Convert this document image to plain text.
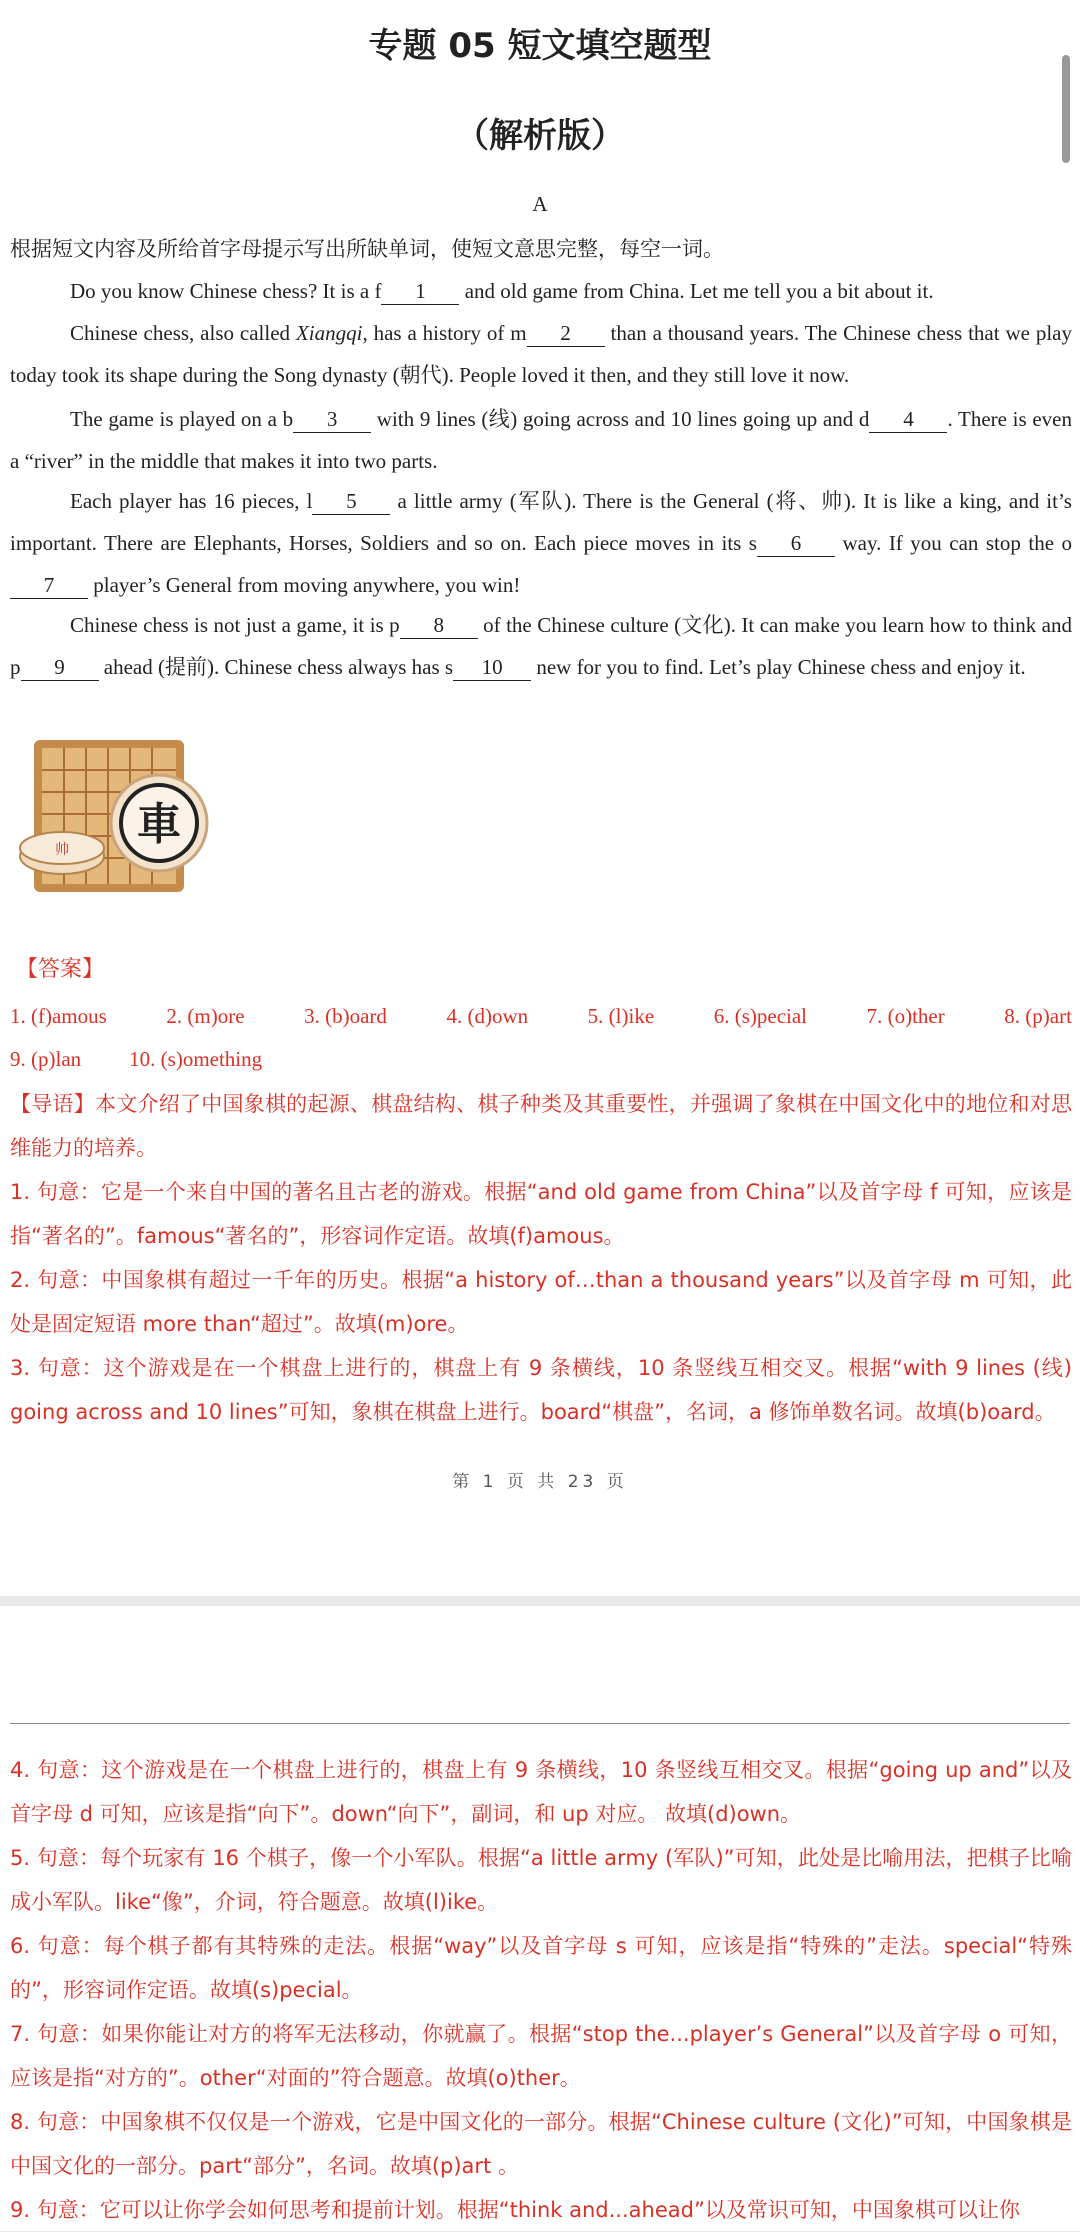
专题 05 短文填空题型
（解析版）
A
根据短文内容及所给首字母提示写出所缺单词，使短文意思完整，每空一词。
Do you know Chinese chess? It is a f 1 and old game from China. Let me tell you a bit about it.
Chinese chess, also called Xiangqi, has a history of m 2 than a thousand years. The Chinese chess that we play today took its shape during the Song dynasty (朝代). People loved it then, and they still love it now.
The game is played on a b 3 with 9 lines (线) going across and 10 lines going up and d 4 . There is even a “river” in the middle that makes it into two parts.
Each player has 16 pieces, l 5 a little army (军队). There is the General (将、帅). It is like a king, and it’s important. There are Elephants, Horses, Soldiers and so on. Each piece moves in its s 6 way. If you can stop the o7 player’s General from moving anywhere, you win!
Chinese chess is not just a game, it is p 8 of the Chinese culture (文化). It can make you learn how to think and p 9 ahead (提前). Chinese chess always has s 10 new for you to find. Let’s play Chinese chess and enjoy it.
帅 車
【答案】
1. (f)amous	2. (m)ore	3. (b)oard	4. (d)own	5. (l)ike	6. (s)pecial	7. (o)ther	8. (p)art
9. (p)lan 10. (s)omething
【导语】本文介绍了中国象棋的起源、棋盘结构、棋子种类及其重要性，并强调了象棋在中国文化中的地位和对思维能力的培养。
1. 句意：它是一个来自中国的著名且古老的游戏。根据“and old game from China”以及首字母 f 可知，应该是指“著名的”。famous“著名的”，形容词作定语。故填(f)amous。
2. 句意：中国象棋有超过一千年的历史。根据“a history of…than a thousand years”以及首字母 m 可知，此处是固定短语 more than“超过”。故填(m)ore。
3. 句意：这个游戏是在一个棋盘上进行的，棋盘上有 9 条横线，10 条竖线互相交叉。根据“with 9 lines (线) going across and 10 lines”可知，象棋在棋盘上进行。board“棋盘”，名词，a 修饰单数名词。故填(b)oard。
第 1 页 共 23 页
4. 句意：这个游戏是在一个棋盘上进行的，棋盘上有 9 条横线，10 条竖线互相交叉。根据“going up and”以及首字母 d 可知，应该是指“向下”。down“向下”，副词，和 up 对应。 故填(d)own。
5. 句意：每个玩家有 16 个棋子，像一个小军队。根据“a little army (军队)”可知，此处是比喻用法，把棋子比喻成小军队。like“像”，介词，符合题意。故填(l)ike。
6. 句意：每个棋子都有其特殊的走法。根据“way”以及首字母 s 可知，应该是指“特殊的”走法。special“特殊的”，形容词作定语。故填(s)pecial。
7. 句意：如果你能让对方的将军无法移动，你就赢了。根据“stop the...player’s General”以及首字母 o 可知，应该是指“对方的”。other“对面的”符合题意。故填(o)ther。
8. 句意：中国象棋不仅仅是一个游戏，它是中国文化的一部分。根据“Chinese culture (文化)”可知，中国象棋是中国文化的一部分。part“部分”，名词。故填(p)art 。
9. 句意：它可以让你学会如何思考和提前计划。根据“think and...ahead”以及常识可知，中国象棋可以让你
